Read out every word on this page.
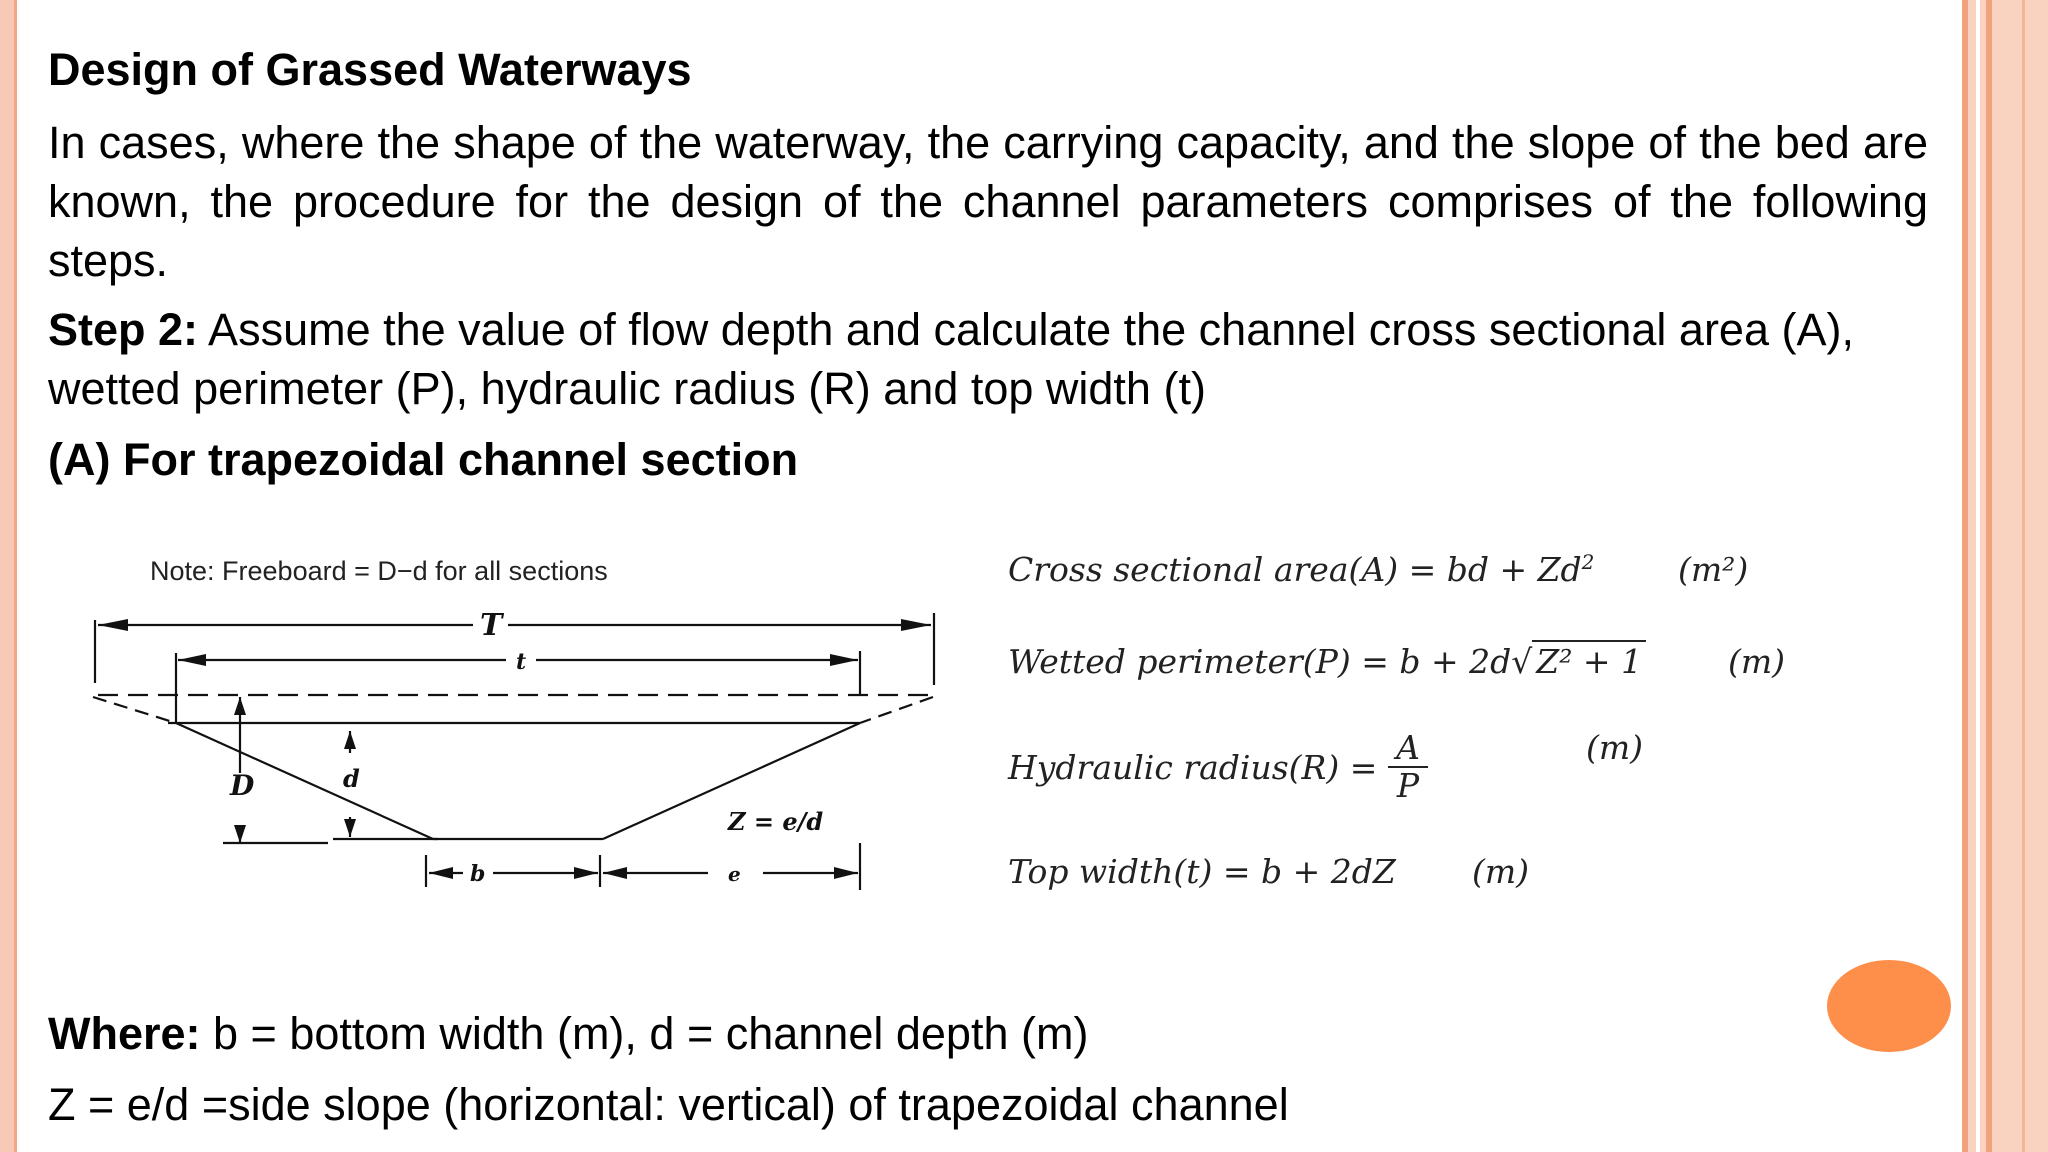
Design of Grassed Waterways
In cases, where the shape of the waterway, the carrying capacity, and the slope of the bed are known, the procedure for the design of the channel parameters comprises of the following steps.
Step 2: Assume the value of flow depth and calculate the channel cross sectional area (A), wetted perimeter (P), hydraulic radius (R) and top width (t)
(A) For trapezoidal channel section
Note: Freeboard = D−d for all sections
T
t
D	d
b	e
Z = e/d
Cross sectional area(A) = bd + $Zd^2$	(m²)
Wetted perimeter(P) = b + 2d√ Z² + 1	(m)
Hydraulic radius(R) =
A
P
(m)
Top width(t) = b + 2dZ (m)
Where: b = bottom width (m), d = channel depth (m)
Z = e/d =side slope (horizontal: vertical) of trapezoidal channel
